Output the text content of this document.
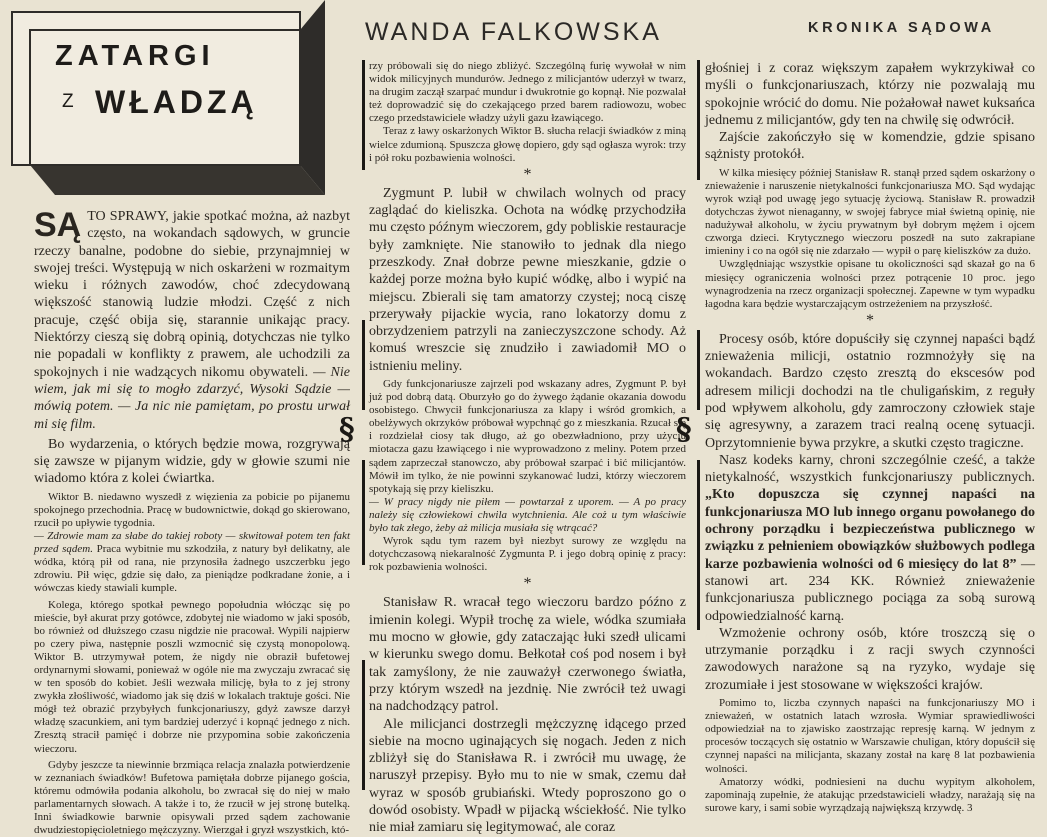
ZATARGI
Z WŁADZĄ
WANDA FALKOWSKA	KRONIKA SĄDOWA

SĄ TO SPRAWY, jakie spotkać można, aż nazbyt często, na wokandach sądowych, w gruncie rzeczy banalne, podobne do siebie, przynajmniej w swojej treści. Występują w nich oskarżeni w rozmaitym wieku i różnych zawodów, choć zdecydowaną większość stanowią ludzie młodzi. Część z nich pracuje, część obija się, starannie unikając pracy. Niektórzy cieszą się dobrą opinią, dotychczas nie tylko nie popadali w konflikty z prawem, ale uchodzili za spokojnych i nie wadzących nikomu obywateli. — Nie wiem, jak mi się to mogło zdarzyć, Wysoki Sądzie — mówią potem. — Ja nic nie pamiętam, po prostu urwał mi się film.

Bo wydarzenia, o których będzie mowa, rozgrywają się zawsze w pijanym widzie, gdy w głowie szumi nie wiadomo która z kolei ćwiartka.

Wiktor B. niedawno wyszedł z więzienia za pobicie po pijanemu spokojnego przechodnia. Pracę w budownictwie, dokąd go skierowano, rzucił po upływie tygodnia.
— Zdrowie mam za słabe do takiej roboty — skwitował potem ten fakt przed sądem. Praca wybitnie mu szkodziła, z natury był delikatny, ale wódka, którą pił od rana, nie przynosiła żadnego uszczerbku jego zdrowiu. Pił więc, gdzie się dało, za pieniądze podkradane żonie, a i wówczas kiedy stawiali kumple.

Kolega, którego spotkał pewnego popołudnia włócząc się po mieście, był akurat przy gotówce, zdobytej nie wiadomo w jaki sposób, bo również od dłuższego czasu nigdzie nie pracował. Wypili najpierw po czery piwa, następnie poszli wzmocnić się czystą monopolową. Wiktor B. utrzymywał potem, że nigdy nie obraził bufetowej ordynarnymi słowami, ponieważ w ogóle nie ma zwyczaju zwracać się w ten sposób do kobiet. Jeśli wezwała milicję, była to z jej strony zwykła złośliwość, wiadomo jak się dziś w lokalach traktuje gości. Nie mógł też obrazić przybyłych funkcjonariuszy, gdyż zawsze darzył władzę szacunkiem, ani tym bardziej uderzyć i kopnąć jednego z nich. Zresztą stracił pamięć i dobrze nie przypomina sobie zakończenia wieczoru.

Gdyby jeszcze ta niewinnie brzmiąca relacja znalazła potwierdzenie w zeznaniach świadków! Bufetowa pamiętała dobrze pijanego gościa, któremu odmówiła podania alkoholu, bo zwracał się do niej w mało parlamentarnych słowach. A także i to, że rzucił w jej stronę butelką. Inni świadkowie barwnie opisywali przed sądem zachowanie dwudziestopięcioletniego mężczyzny. Wierzgał i gryzł wszystkich, któ-

rzy próbowali się do niego zbliżyć. Szczególną furię wywołał w nim widok milicyjnych mundurów. Jednego z milicjantów uderzył w twarz, na drugim zaczął szarpać mundur i dwukrotnie go kopnął. Nie pozwalał też doprowadzić się do czekającego przed barem radiowozu, wobec czego przedstawiciele władzy użyli gazu łzawiącego.

Teraz z ławy oskarżonych Wiktor B. słucha relacji świadków z miną wielce zdumioną. Spuszcza głowę dopiero, gdy sąd ogłasza wyrok: trzy i pół roku pozbawienia wolności.

*

Zygmunt P. lubił w chwilach wolnych od pracy zaglądać do kieliszka. Ochota na wódkę przychodziła mu często późnym wieczorem, gdy pobliskie restauracje były zamknięte. Nie stanowiło to jednak dla niego przeszkody. Znał dobrze pewne mieszkanie, gdzie o każdej porze można było kupić wódkę, albo i wypić na miejscu. Zbierali się tam amatorzy czystej; nocą ciszę przerywały pijackie wycia, rano lokatorzy domu z obrzydzeniem patrzyli na zanieczyszczone schody. Aż komuś wreszcie się znudziło i zawiadomił MO o istnieniu meliny.

Gdy funkcjonariusze zajrzeli pod wskazany adres, Zygmunt P. był już pod dobrą datą. Oburzyło go do żywego żądanie okazania dowodu osobistego. Chwycił funkcjonariusza za klapy i wśród gromkich, a obelżywych okrzyków próbował wypchnąć go z mieszkania. Rzucał się i rozdzielał ciosy tak długo, aż go obezwładniono, przy użyciu miotacza gazu łzawiącego i nie wyprowadzono z meliny. Potem przed sądem zaprzeczał stanowczo, aby próbował szarpać i bić milicjantów. Mówił im tylko, że nie powinni szykanować ludzi, którzy wieczorem spotykają się przy kieliszku.
— W pracy nigdy nie piłem — powtarzał z uporem. — A po pracy należy się człowiekowi chwila wytchnienia. Ale coż u tym właściwie było tak złego, żeby aż milicja musiała się wtrącać?

Wyrok sądu tym razem był niezbyt surowy ze względu na dotychczasową niekaralność Zygmunta P. i jego dobrą opinię z pracy: rok pozbawienia wolności.

*

Stanisław R. wracał tego wieczoru bardzo późno z imienin kolegi. Wypił trochę za wiele, wódka szumiała mu mocno w głowie, gdy zataczając łuki szedł ulicami w kierunku swego domu. Bełkotał coś pod nosem i był tak zamyślony, że nie zauważył czerwonego światła, przy którym wszedł na jezdnię. Nie zwrócił też uwagi na nadchodzący patrol.

Ale milicjanci dostrzegli mężczyznę idącego przed siebie na mocno uginających się nogach. Jeden z nich zbliżył się do Stanisława R. i zwrócił mu uwagę, że naruszył przepisy. Było mu to nie w smak, czemu dał wyraz w sposób grubiański. Wtedy poproszono go o dowód osobisty. Wpadł w pijacką wściekłość. Nie tylko nie miał zamiaru się legitymować, ale coraz

głośniej i z coraz większym zapałem wykrzykiwał co myśli o funkcjonariuszach, którzy nie pozwalają mu spokojnie wrócić do domu. Nie pożałował nawet kuksańca jednemu z milicjantów, gdy ten na chwilę się odwrócił.

Zajście zakończyło się w komendzie, gdzie spisano sążnisty protokół.

W kilka miesięcy później Stanisław R. stanął przed sądem oskarżony o znieważenie i naruszenie nietykalności funkcjonariusza MO. Sąd wydając wyrok wziął pod uwagę jego sytuację życiową. Stanisław R. prowadził dotychczas żywot nienaganny, w swojej fabryce miał świetną opinię, nie nadużywał alkoholu, w życiu prywatnym był dobrym mężem i ojcem czworga dzieci. Krytycznego wieczoru poszedł na suto zakrapiane imieniny i co na ogół się nie zdarzało — wypił o parę kieliszków za dużo.

Uwzględniając wszystkie opisane tu okoliczności sąd skazał go na 6 miesięcy ograniczenia wolności przez potrącenie 10 proc. jego wynagrodzenia na rzecz organizacji społecznej. Zapewne w tym wypadku łagodna kara będzie wystarczającym ostrzeżeniem na przyszłość.

*

Procesy osób, które dopuściły się czynnej napaści bądź znieważenia milicji, ostatnio rozmnożyły się na wokandach. Bardzo często zresztą do ekscesów pod adresem milicji dochodzi na tle chuligańskim, z reguły pod wpływem alkoholu, gdy zamroczony człowiek staje się agresywny, a zarazem traci realną ocenę sytuacji. Oprzytomnienie bywa przykre, a skutki często tragiczne.

Nasz kodeks karny, chroni szczególnie cześć, a także nietykalność, wszystkich funkcjonariuszy publicznych. „Kto dopuszcza się czynnej napaści na funkcjonariusza MO lub innego organu powołanego do ochrony porządku i bezpieczeństwa publicznego w związku z pełnieniem obowiązków służbowych podlega karze pozbawienia wolności od 6 miesięcy do lat 8” — stanowi art. 234 KK. Również znieważenie funkcjonariusza publicznego pociąga za sobą surową odpowiedzialność karną.

Wzmożenie ochrony osób, które troszczą się o utrzymanie porządku i z racji swych czynności zawodowych narażone są na ryzyko, wydaje się zrozumiałe i jest stosowane w większości krajów.

Pomimo to, liczba czynnych napaści na funkcjonariuszy MO i znieważeń, w ostatnich latach wzrosła. Wymiar sprawiedliwości odpowiedział na to zjawisko zaostrzając represję karną. W jednym z procesów toczących się ostatnio w Warszawie chuligan, który dopuścił się czynnej napaści na milicjanta, skazany został na karę 8 lat pozbawienia wolności.

Amatorzy wódki, podniesieni na duchu wypitym alkoholem, zapominają zupełnie, że atakując przedstawicieli władzy, narażają się na surowe kary, i sami sobie wyrządzają największą krzywdę. 3

§	§
